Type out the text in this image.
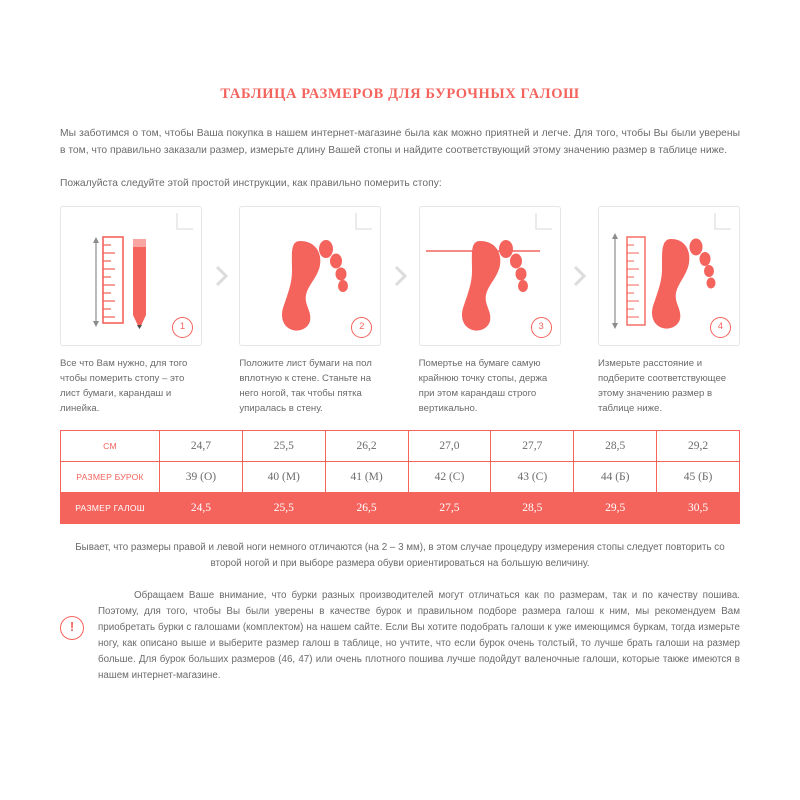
ТАБЛИЦА РАЗМЕРОВ ДЛЯ БУРОЧНЫХ ГАЛОШ

Мы заботимся о том, чтобы Ваша покупка в нашем интернет-магазине была как можно приятней и легче. Для того, чтобы Вы были уверены в том, что правильно заказали размер, измерьте длину Вашей стопы и найдите соответствующий этому значению размер в таблице ниже.

Пожалуйста следуйте этой простой инструкции, как правильно померить стопу:

1
Все что Вам нужно, для того чтобы померить стопу – это лист бумаги, карандаш и линейка.
2
Положите лист бумаги на пол вплотную к стене. Станьте на него ногой, так чтобы пятка упиралась в стену.
3
Помертье на бумаге самую крайнюю точку стопы, держа при этом карандаш строго вертикально.
4
Измерьте расстояние и подберите соответствующее этому значению размер в таблице ниже.
СМ	24,7	25,5	26,2	27,0	27,7	28,5	29,2
РАЗМЕР БУРОК	39 (O)	40 (М)	41 (М)	42 (С)	43 (С)	44 (Б)	45 (Б)
РАЗМЕР ГАЛОШ	24,5	25,5	26,5	27,5	28,5	29,5	30,5

Бывает, что размеры правой и левой ноги немного отличаются (на 2 – 3 мм), в этом случае процедуру измерения стопы следует повторить со второй ногой и при выборе размера обуви ориентироваться на большую величину.

!
Обращаем Ваше внимание, что бурки разных производителей могут отличаться как по размерам, так и по качеству пошива. Поэтому, для того, чтобы Вы были уверены в качестве бурок и правильном подборе размера галош к ним, мы рекомендуем Вам приобретать бурки с галошами (комплектом) на нашем сайте. Если Вы хотите подобрать галоши к уже имеющимся буркам, тогда измерьте ногу, как описано выше и выберите размер галош в таблице, но учтите, что если бурок очень толстый, то лучше брать галоши на размер больше. Для бурок больших размеров (46, 47) или очень плотного пошива лучше подойдут валеночные галоши, которые также имеются в нашем интернет-магазине.
